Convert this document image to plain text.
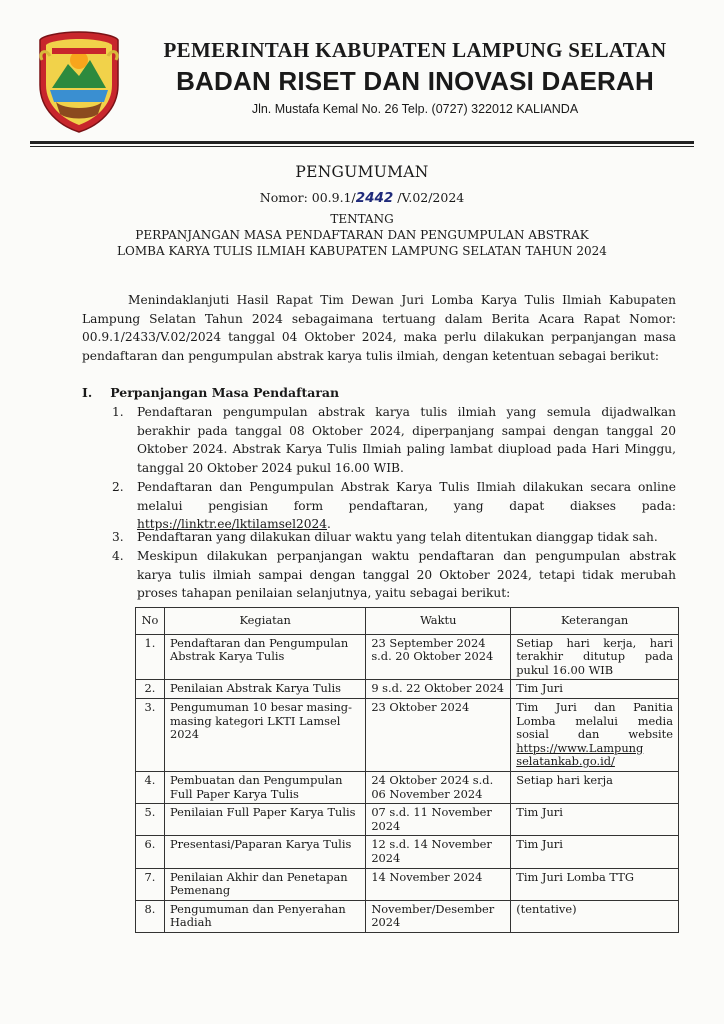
PEMERINTAH KABUPATEN LAMPUNG SELATAN
BADAN RISET DAN INOVASI DAERAH
Jln. Mustafa Kemal No. 26 Telp. (0727) 322012 KALIANDA
PENGUMUMAN
Nomor: 00.9.1/2442 /V.02/2024
TENTANG
PERPANJANGAN MASA PENDAFTARAN DAN PENGUMPULAN ABSTRAK
LOMBA KARYA TULIS ILMIAH KABUPATEN LAMPUNG SELATAN TAHUN 2024

Menindaklanjuti Hasil Rapat Tim Dewan Juri Lomba Karya Tulis Ilmiah Kabupaten Lampung Selatan Tahun 2024 sebagaimana tertuang dalam Berita Acara Rapat Nomor: 00.9.1/2433/V.02/2024 tanggal 04 Oktober 2024, maka perlu dilakukan perpanjangan masa pendaftaran dan pengumpulan abstrak karya tulis ilmiah, dengan ketentuan sebagai berikut:

I. Perpanjangan Masa Pendaftaran
1. Pendaftaran pengumpulan abstrak karya tulis ilmiah yang semula dijadwalkan berakhir pada tanggal 08 Oktober 2024, diperpanjang sampai dengan tanggal 20 Oktober 2024. Abstrak Karya Tulis Ilmiah paling lambat diupload pada Hari Minggu, tanggal 20 Oktober 2024 pukul 16.00 WIB.
2. Pendaftaran dan Pengumpulan Abstrak Karya Tulis Ilmiah dilakukan secara online melalui pengisian form pendaftaran, yang dapat diakses pada: https://linktr.ee/lktilamsel2024.
3. Pendaftaran yang dilakukan diluar waktu yang telah ditentukan dianggap tidak sah.
4. Meskipun dilakukan perpanjangan waktu pendaftaran dan pengumpulan abstrak karya tulis ilmiah sampai dengan tanggal 20 Oktober 2024, tetapi tidak merubah proses tahapan penilaian selanjutnya, yaitu sebagai berikut:
No	Kegiatan	Waktu	Keterangan
1.	Pendaftaran dan Pengumpulan Abstrak Karya Tulis	23 September 2024 s.d. 20 Oktober 2024	Setiap hari kerja, hari terakhir ditutup pada pukul 16.00 WIB
2.	Penilaian Abstrak Karya Tulis	9 s.d. 22 Oktober 2024	Tim Juri
3.	Pengumuman 10 besar masing-masing kategori LKTI Lamsel 2024	23 Oktober 2024	Tim Juri dan Panitia Lomba melalui media sosial dan website https://www.Lampung selatankab.go.id/
4.	Pembuatan dan Pengumpulan Full Paper Karya Tulis	24 Oktober 2024 s.d. 06 November 2024	Setiap hari kerja
5.	Penilaian Full Paper Karya Tulis	07 s.d. 11 November 2024	Tim Juri
6.	Presentasi/Paparan Karya Tulis	12 s.d. 14 November 2024	Tim Juri
7.	Penilaian Akhir dan Penetapan Pemenang	14 November 2024	Tim Juri Lomba TTG
8.	Pengumuman dan Penyerahan Hadiah	November/Desember 2024	(tentative)
